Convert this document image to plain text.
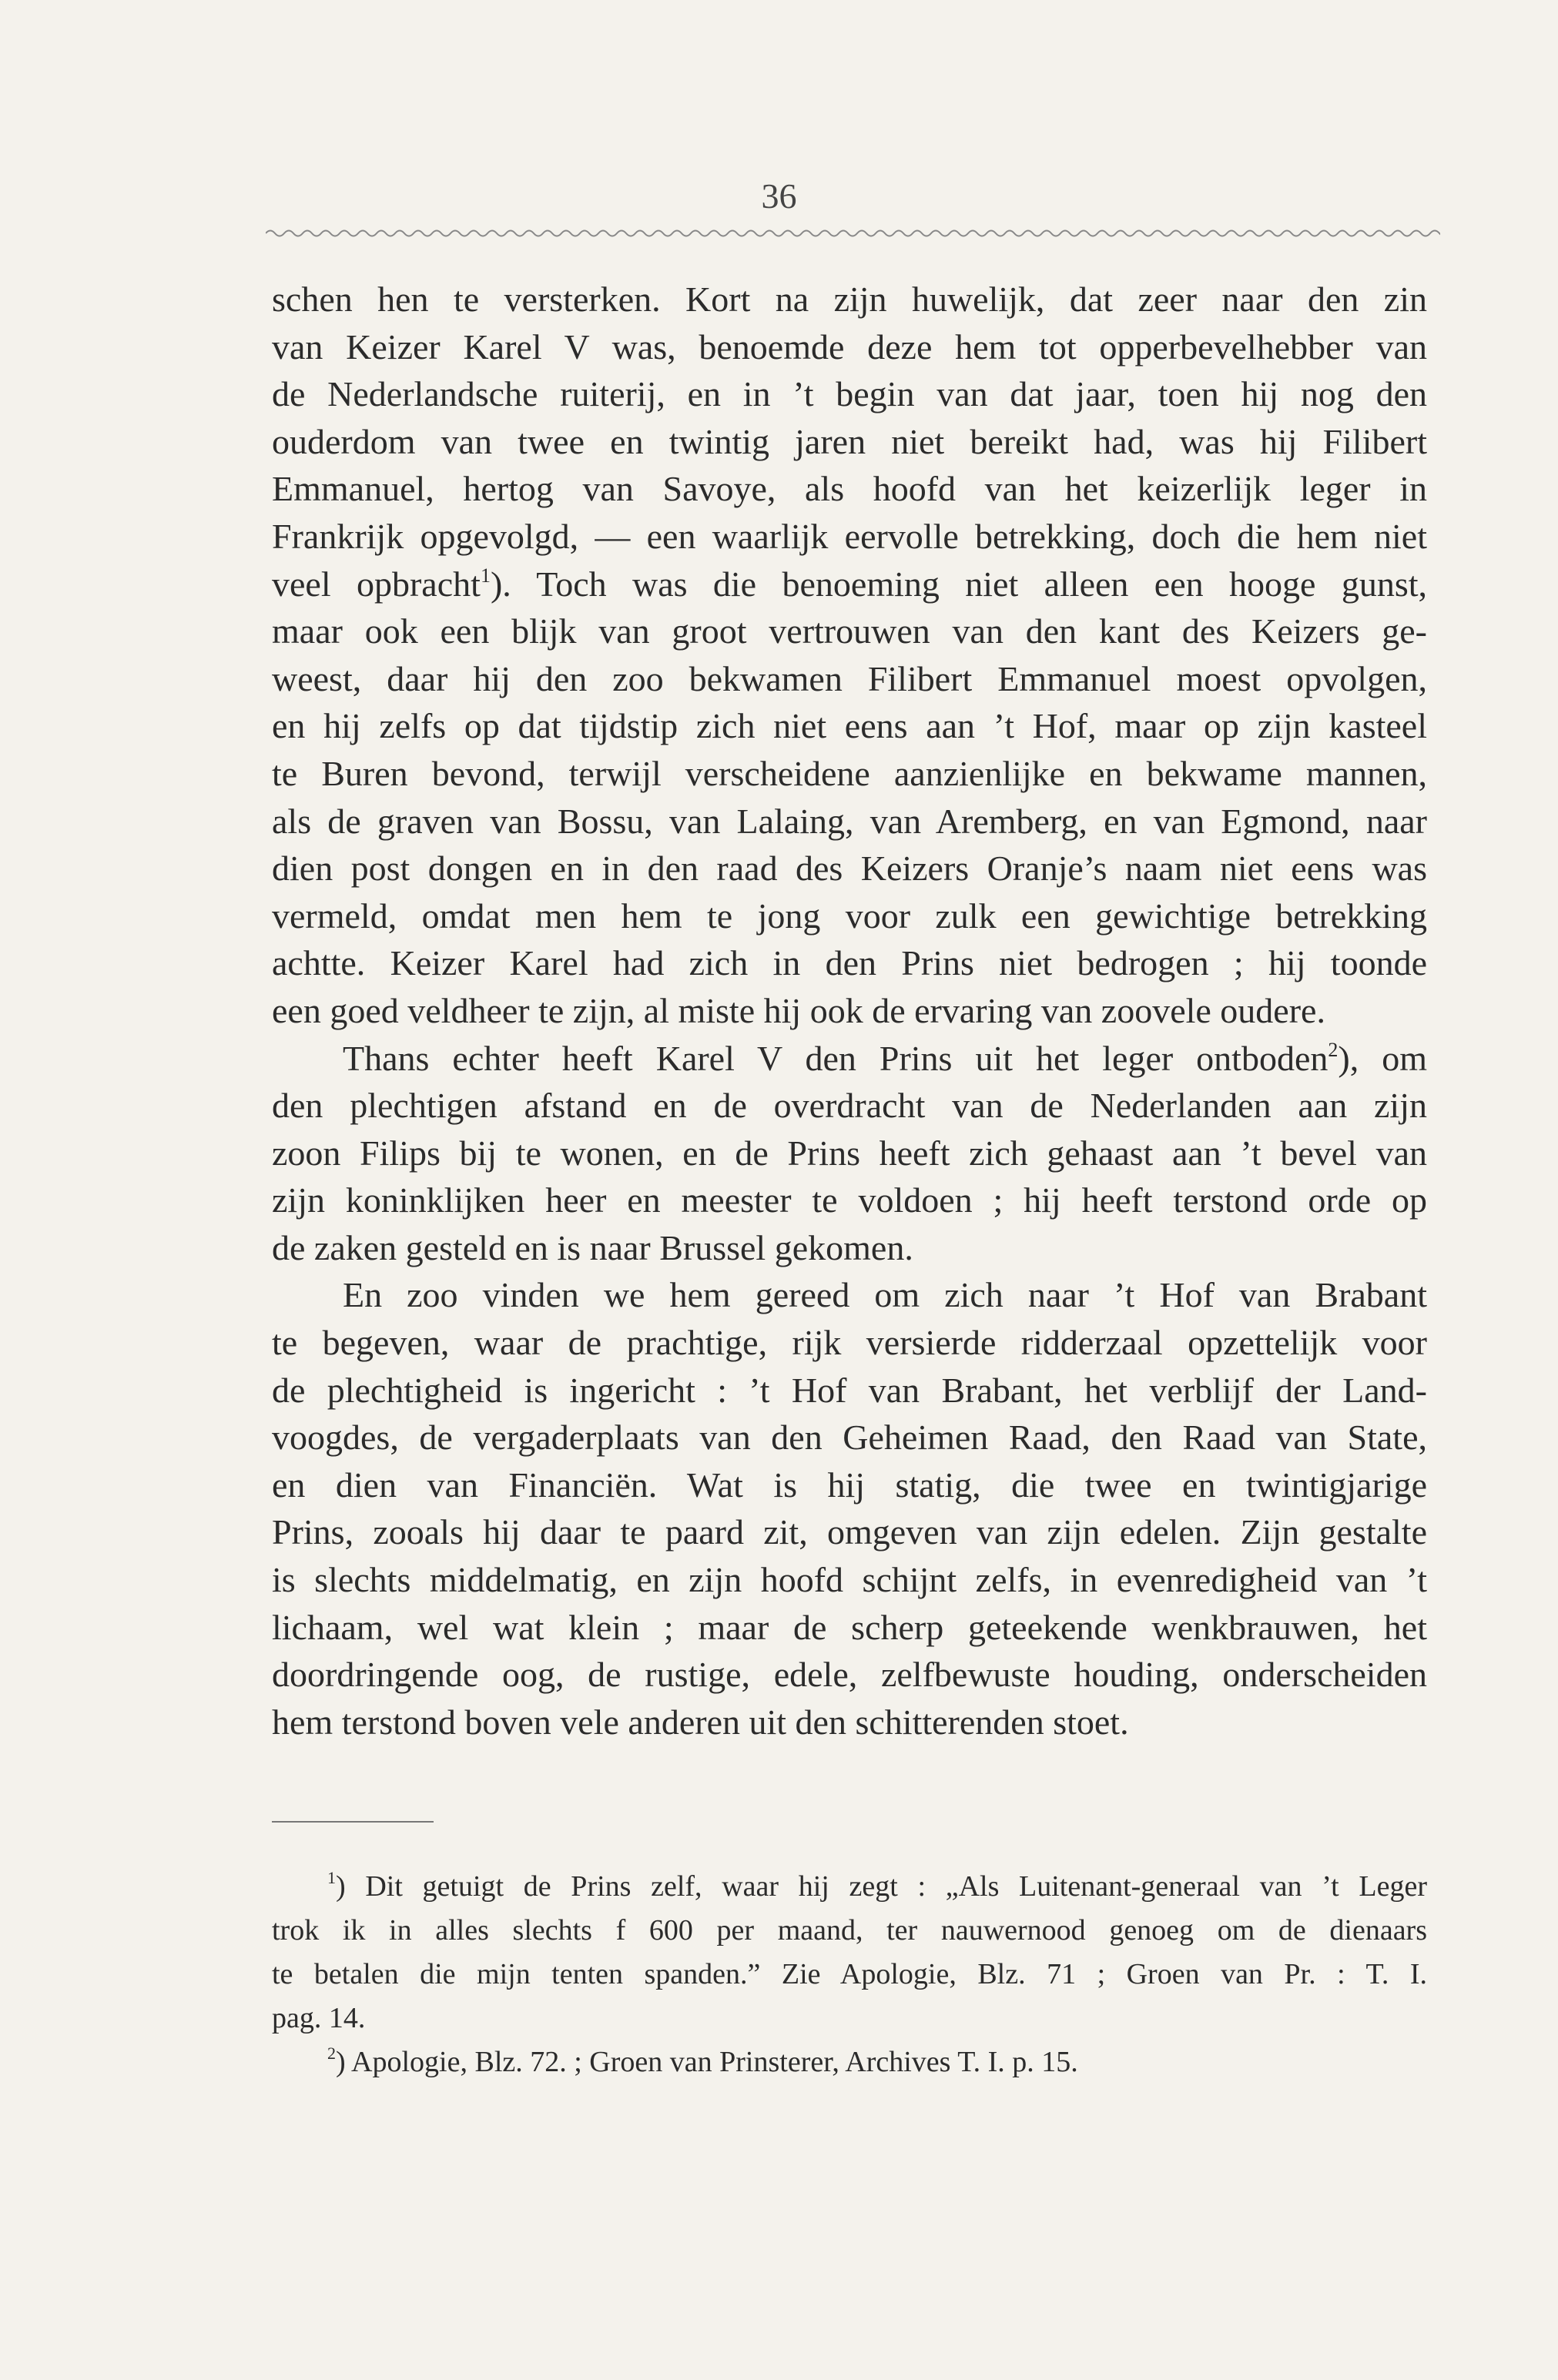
36
schen hen te versterken. Kort na zijn huwelijk, dat zeer naar den zin
van Keizer Karel V was, benoemde deze hem tot opperbevelhebber van
de Nederlandsche ruiterij, en in ’t begin van dat jaar, toen hij nog den
ouderdom van twee en twintig jaren niet bereikt had, was hij Filibert
Emmanuel, hertog van Savoye, als hoofd van het keizerlijk leger in
Frankrijk opgevolgd, — een waarlijk eervolle betrekking, doch die hem niet
veel opbracht$^1$). Toch was die benoeming niet alleen een hooge gunst,
maar ook een blijk van groot vertrouwen van den kant des Keizers ge-
weest, daar hij den zoo bekwamen Filibert Emmanuel moest opvolgen,
en hij zelfs op dat tijdstip zich niet eens aan ’t Hof, maar op zijn kasteel
te Buren bevond, terwijl verscheidene aanzienlijke en bekwame mannen,
als de graven van Bossu, van Lalaing, van Aremberg, en van Egmond, naar
dien post dongen en in den raad des Keizers Oranje’s naam niet eens was
vermeld, omdat men hem te jong voor zulk een gewichtige betrekking
achtte. Keizer Karel had zich in den Prins niet bedrogen ; hij toonde
een goed veldheer te zijn, al miste hij ook de ervaring van zoovele oudere.
Thans echter heeft Karel V den Prins uit het leger ontboden$^2$), om
den plechtigen afstand en de overdracht van de Nederlanden aan zijn
zoon Filips bij te wonen, en de Prins heeft zich gehaast aan ’t bevel van
zijn koninklijken heer en meester te voldoen ; hij heeft terstond orde op
de zaken gesteld en is naar Brussel gekomen.
En zoo vinden we hem gereed om zich naar ’t Hof van Brabant
te begeven, waar de prachtige, rijk versierde ridderzaal opzettelijk voor
de plechtigheid is ingericht : ’t Hof van Brabant, het verblijf der Land-
voogdes, de vergaderplaats van den Geheimen Raad, den Raad van State,
en dien van Financiën. Wat is hij statig, die twee en twintigjarige
Prins, zooals hij daar te paard zit, omgeven van zijn edelen. Zijn gestalte
is slechts middelmatig, en zijn hoofd schijnt zelfs, in evenredigheid van ’t
lichaam, wel wat klein ; maar de scherp geteekende wenkbrauwen, het
doordringende oog, de rustige, edele, zelfbewuste houding, onderscheiden
hem terstond boven vele anderen uit den schitterenden stoet.
$^1$) Dit getuigt de Prins zelf, waar hij zegt : „Als Luitenant-generaal van ’t Leger
trok ik in alles slechts f 600 per maand, ter nauwernood genoeg om de dienaars
te betalen die mijn tenten spanden.” Zie Apologie, Blz. 71 ; Groen van Pr. : T. I.
pag. 14.
$^2$) Apologie, Blz. 72. ; Groen van Prinsterer, Archives T. I. p. 15.
